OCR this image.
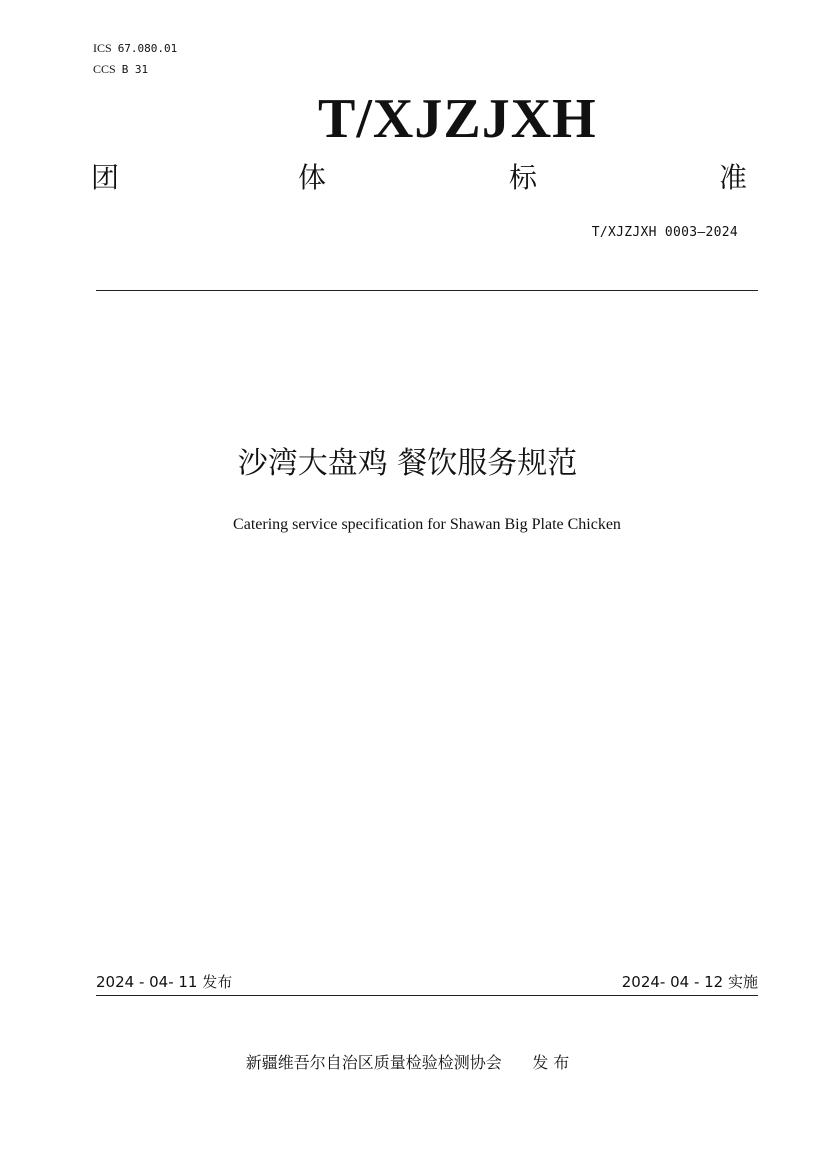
ICS 67.080.01
CCS B 31
T/XJZJXH
团	体	标	准
T/XJZJXH 0003—2024
沙湾大盘鸡 餐饮服务规范
Catering service specification for Shawan Big Plate Chicken
2024 - 04- 11 发布	2024- 04 - 12 实施
新疆维吾尔自治区质量检验检测协会 发 布
